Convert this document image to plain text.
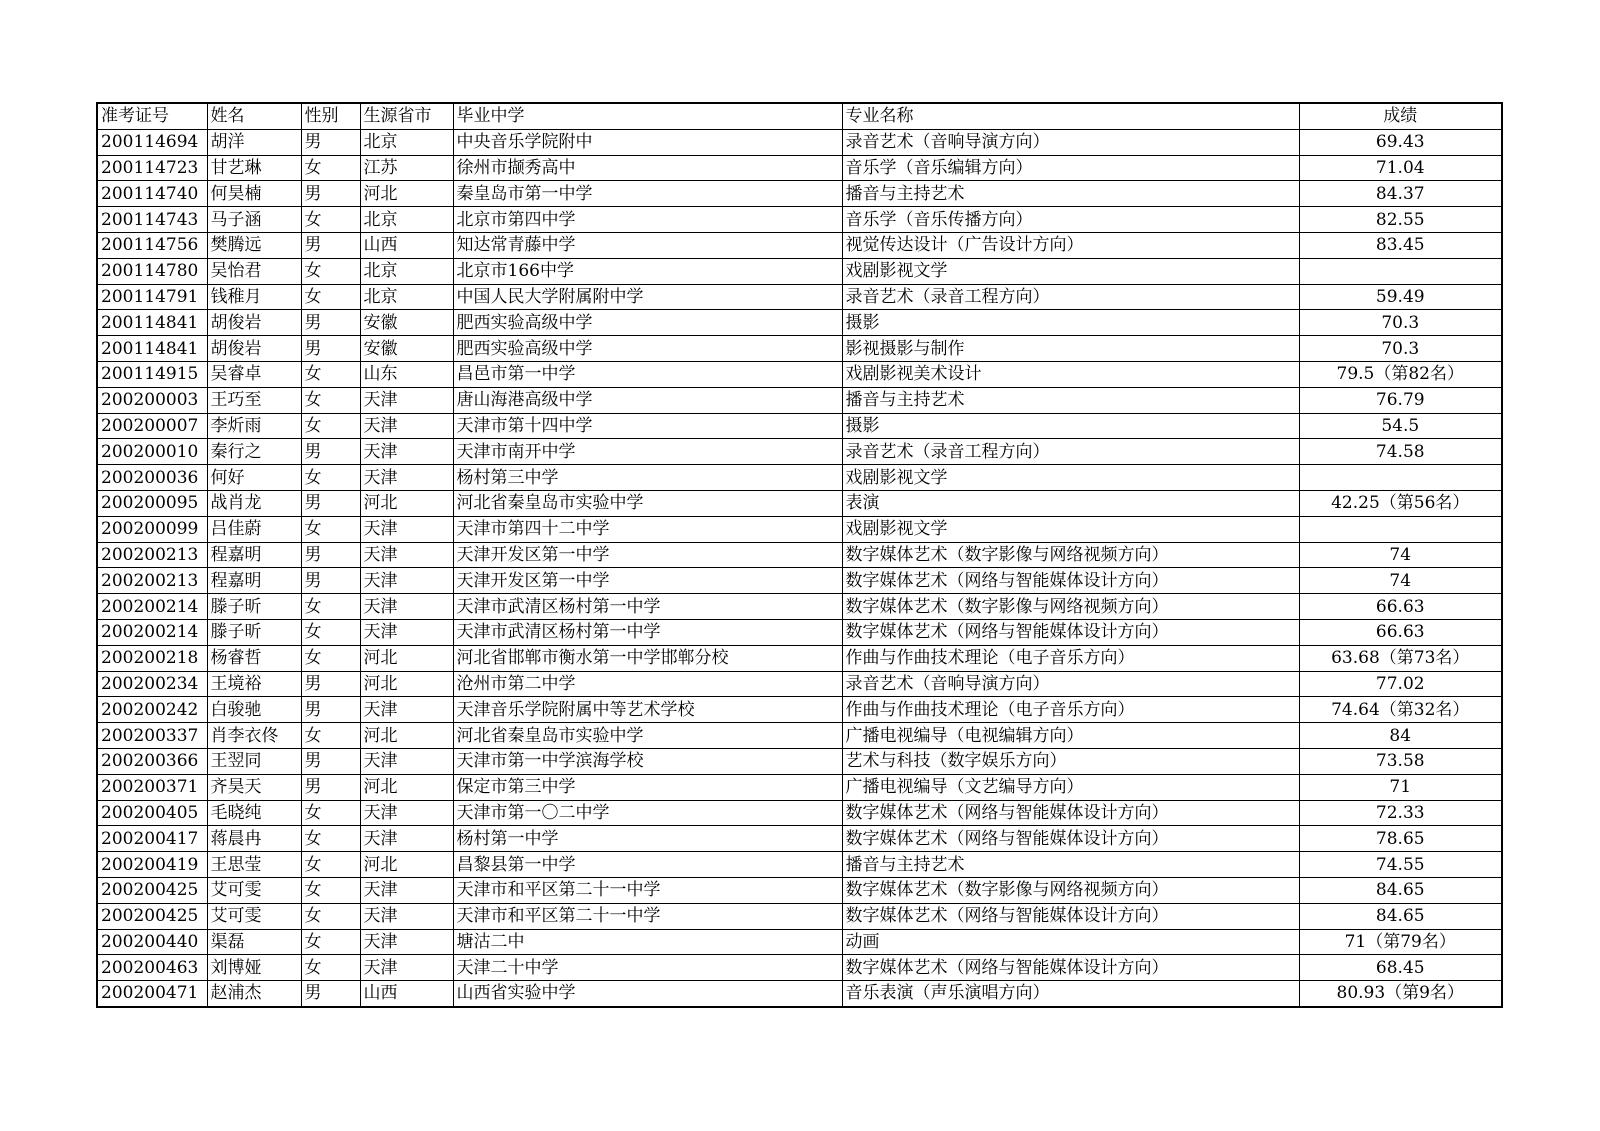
准考证号	姓名	性别	生源省市	毕业中学	专业名称	成绩
200114694	胡洋	男	北京	中央音乐学院附中	录音艺术（音响导演方向）	69.43
200114723	甘艺琳	女	江苏	徐州市撷秀高中	音乐学（音乐编辑方向）	71.04
200114740	何昊楠	男	河北	秦皇岛市第一中学	播音与主持艺术	84.37
200114743	马子涵	女	北京	北京市第四中学	音乐学（音乐传播方向）	82.55
200114756	樊腾远	男	山西	知达常青藤中学	视觉传达设计（广告设计方向）	83.45
200114780	吴怡君	女	北京	北京市166中学	戏剧影视文学	
200114791	钱稚月	女	北京	中国人民大学附属附中学	录音艺术（录音工程方向）	59.49
200114841	胡俊岩	男	安徽	肥西实验高级中学	摄影	70.3
200114841	胡俊岩	男	安徽	肥西实验高级中学	影视摄影与制作	70.3
200114915	吴睿卓	女	山东	昌邑市第一中学	戏剧影视美术设计	79.5（第82名）
200200003	王巧至	女	天津	唐山海港高级中学	播音与主持艺术	76.79
200200007	李炘雨	女	天津	天津市第十四中学	摄影	54.5
200200010	秦行之	男	天津	天津市南开中学	录音艺术（录音工程方向）	74.58
200200036	何好	女	天津	杨村第三中学	戏剧影视文学	
200200095	战肖龙	男	河北	河北省秦皇岛市实验中学	表演	42.25（第56名）
200200099	吕佳蔚	女	天津	天津市第四十二中学	戏剧影视文学	
200200213	程嘉明	男	天津	天津开发区第一中学	数字媒体艺术（数字影像与网络视频方向）	74
200200213	程嘉明	男	天津	天津开发区第一中学	数字媒体艺术（网络与智能媒体设计方向）	74
200200214	滕子昕	女	天津	天津市武清区杨村第一中学	数字媒体艺术（数字影像与网络视频方向）	66.63
200200214	滕子昕	女	天津	天津市武清区杨村第一中学	数字媒体艺术（网络与智能媒体设计方向）	66.63
200200218	杨睿哲	女	河北	河北省邯郸市衡水第一中学邯郸分校	作曲与作曲技术理论（电子音乐方向）	63.68（第73名）
200200234	王境裕	男	河北	沧州市第二中学	录音艺术（音响导演方向）	77.02
200200242	白骏驰	男	天津	天津音乐学院附属中等艺术学校	作曲与作曲技术理论（电子音乐方向）	74.64（第32名）
200200337	肖李衣佟	女	河北	河北省秦皇岛市实验中学	广播电视编导（电视编辑方向）	84
200200366	王翌同	男	天津	天津市第一中学滨海学校	艺术与科技（数字娱乐方向）	73.58
200200371	齐昊天	男	河北	保定市第三中学	广播电视编导（文艺编导方向）	71
200200405	毛晓纯	女	天津	天津市第一〇二中学	数字媒体艺术（网络与智能媒体设计方向）	72.33
200200417	蒋晨冉	女	天津	杨村第一中学	数字媒体艺术（网络与智能媒体设计方向）	78.65
200200419	王思莹	女	河北	昌黎县第一中学	播音与主持艺术	74.55
200200425	艾可雯	女	天津	天津市和平区第二十一中学	数字媒体艺术（数字影像与网络视频方向）	84.65
200200425	艾可雯	女	天津	天津市和平区第二十一中学	数字媒体艺术（网络与智能媒体设计方向）	84.65
200200440	渠磊	女	天津	塘沽二中	动画	71（第79名）
200200463	刘博娅	女	天津	天津二十中学	数字媒体艺术（网络与智能媒体设计方向）	68.45
200200471	赵浦杰	男	山西	山西省实验中学	音乐表演（声乐演唱方向）	80.93（第9名）
